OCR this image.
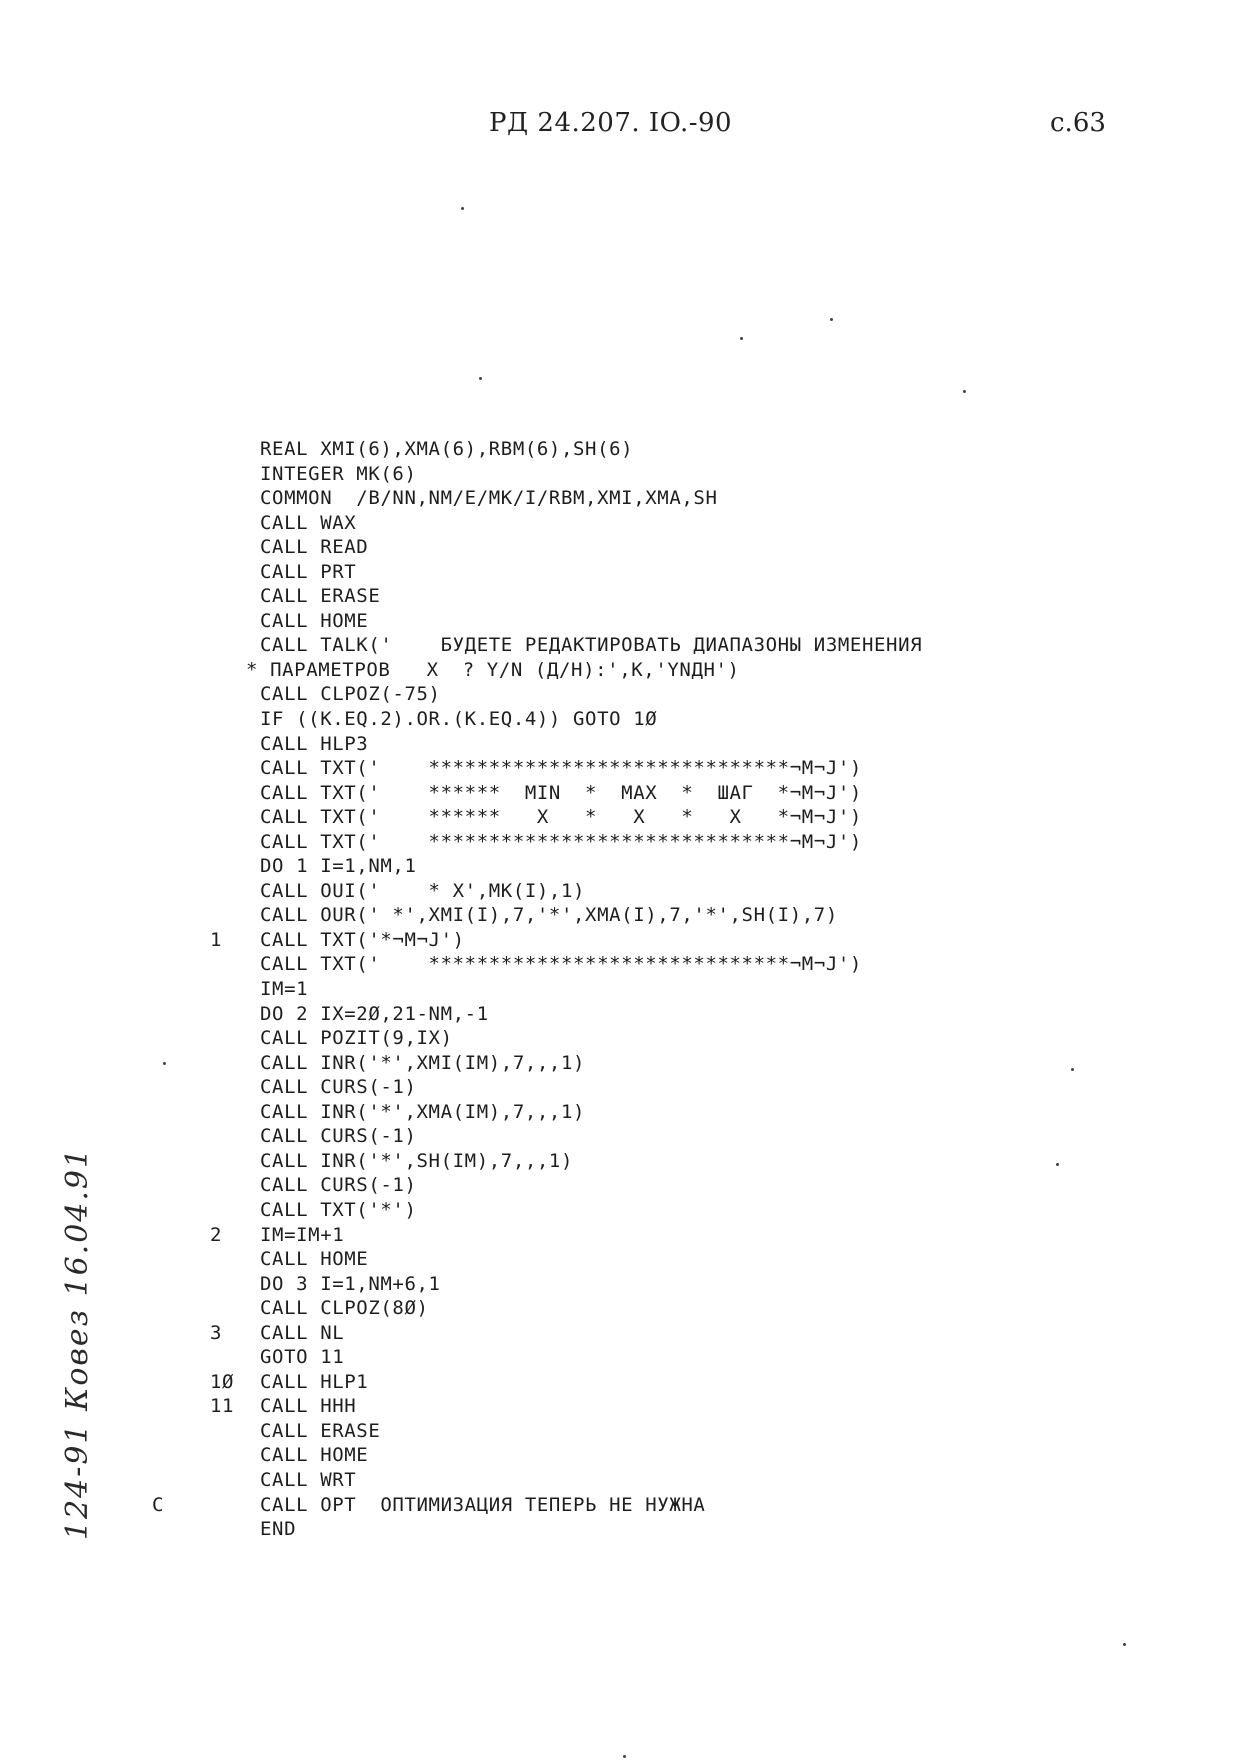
РД 24.207. IO.-90	с.63
REAL XMI(6),XMA(6),RBM(6),SH(6)
INTEGER MK(6)
COMMON  /B/NN,NM/E/MK/I/RBM,XMI,XMA,SH
CALL WAX
CALL READ
CALL PRT
CALL ERASE
CALL HOME
CALL TALK('    БУДЕТЕ РЕДАКТИРОВАТЬ ДИАПАЗОНЫ ИЗМЕНЕНИЯ
* ПАРАМЕТРОВ   X  ? Y/N (Д/Н):',K,'YNДН')
CALL CLPOZ(-75)
IF ((K.EQ.2).OR.(K.EQ.4)) GOTO 1Ø
CALL HLP3
CALL TXT('    ******************************¬M¬J')
CALL TXT('    ******  MIN  *  MAX  *  ШАГ  *¬M¬J')
CALL TXT('    ******   X   *   X   *   X   *¬M¬J')
CALL TXT('    ******************************¬M¬J')
DO 1 I=1,NM,1
CALL OUI('    * X',MK(I),1)
CALL OUR(' *',XMI(I),7,'*',XMA(I),7,'*',SH(I),7)
1	CALL TXT('*¬M¬J')
CALL TXT('    ******************************¬M¬J')
IM=1
DO 2 IX=2Ø,21-NM,-1
CALL POZIT(9,IX)
CALL INR('*',XMI(IM),7,,,1)
CALL CURS(-1)
CALL INR('*',XMA(IM),7,,,1)
CALL CURS(-1)
CALL INR('*',SH(IM),7,,,1)
CALL CURS(-1)
CALL TXT('*')
2	IM=IM+1
CALL HOME
DO 3 I=1,NM+6,1
CALL CLPOZ(8Ø)
3	CALL NL
GOTO 11
1Ø	CALL HLP1
11	CALL HHH
CALL ERASE
CALL HOME
CALL WRT
C	CALL OPT  ОПТИМИЗАЦИЯ ТЕПЕРЬ НЕ НУЖНА
END
124-91 Ковез 16.04.91
